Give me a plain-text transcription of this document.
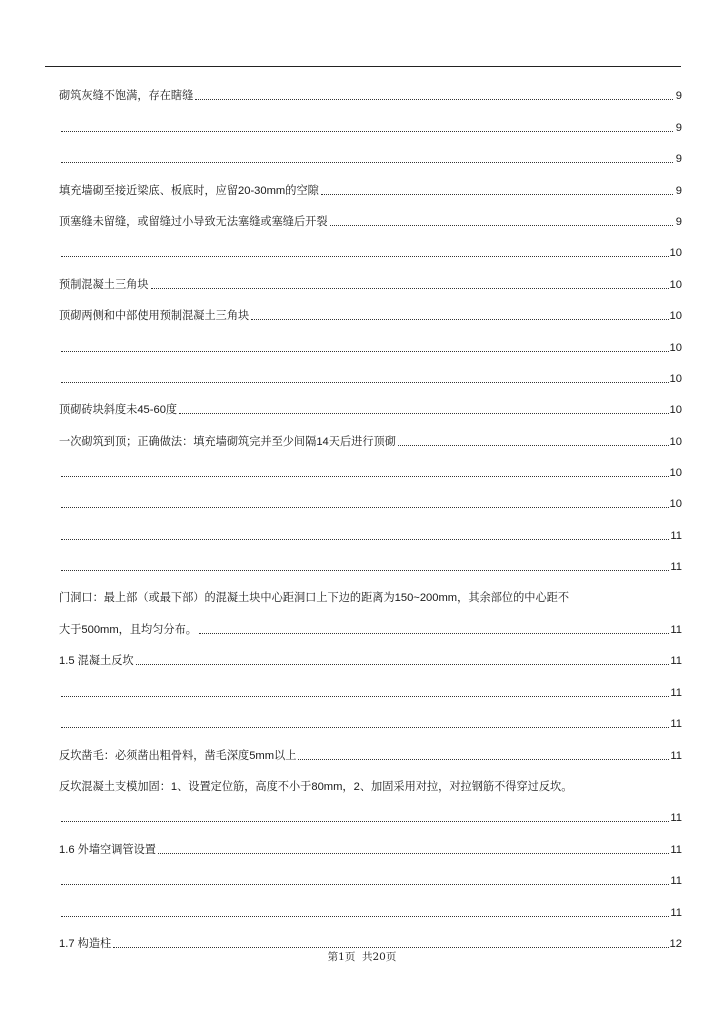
砌筑灰缝不饱满，存在瞎缝	9
9
9
填充墙砌至接近梁底、板底时，应留20-30mm的空隙	9
顶塞缝未留缝，或留缝过小导致无法塞缝或塞缝后开裂	9
10
预制混凝土三角块	10
顶砌两侧和中部使用预制混凝土三角块	10
10
10
顶砌砖块斜度未45-60度	10
一次砌筑到顶；正确做法：填充墙砌筑完并至少间隔14天后进行顶砌	10
10
10
11
11
门洞口：最上部（或最下部）的混凝土块中心距洞口上下边的距离为150~200mm，其余部位的中心距不
大于500mm，且均匀分布。	11
1.5 混凝土反坎	11
11
11
反坎凿毛：必须凿出粗骨料，凿毛深度5mm以上	11
反坎混凝土支模加固：1、设置定位筋，高度不小于80mm，2、加固采用对拉，对拉钢筋不得穿过反坎。
11
1.6 外墙空调管设置	11
11
11
1.7 构造柱	12
第1页  共20页
